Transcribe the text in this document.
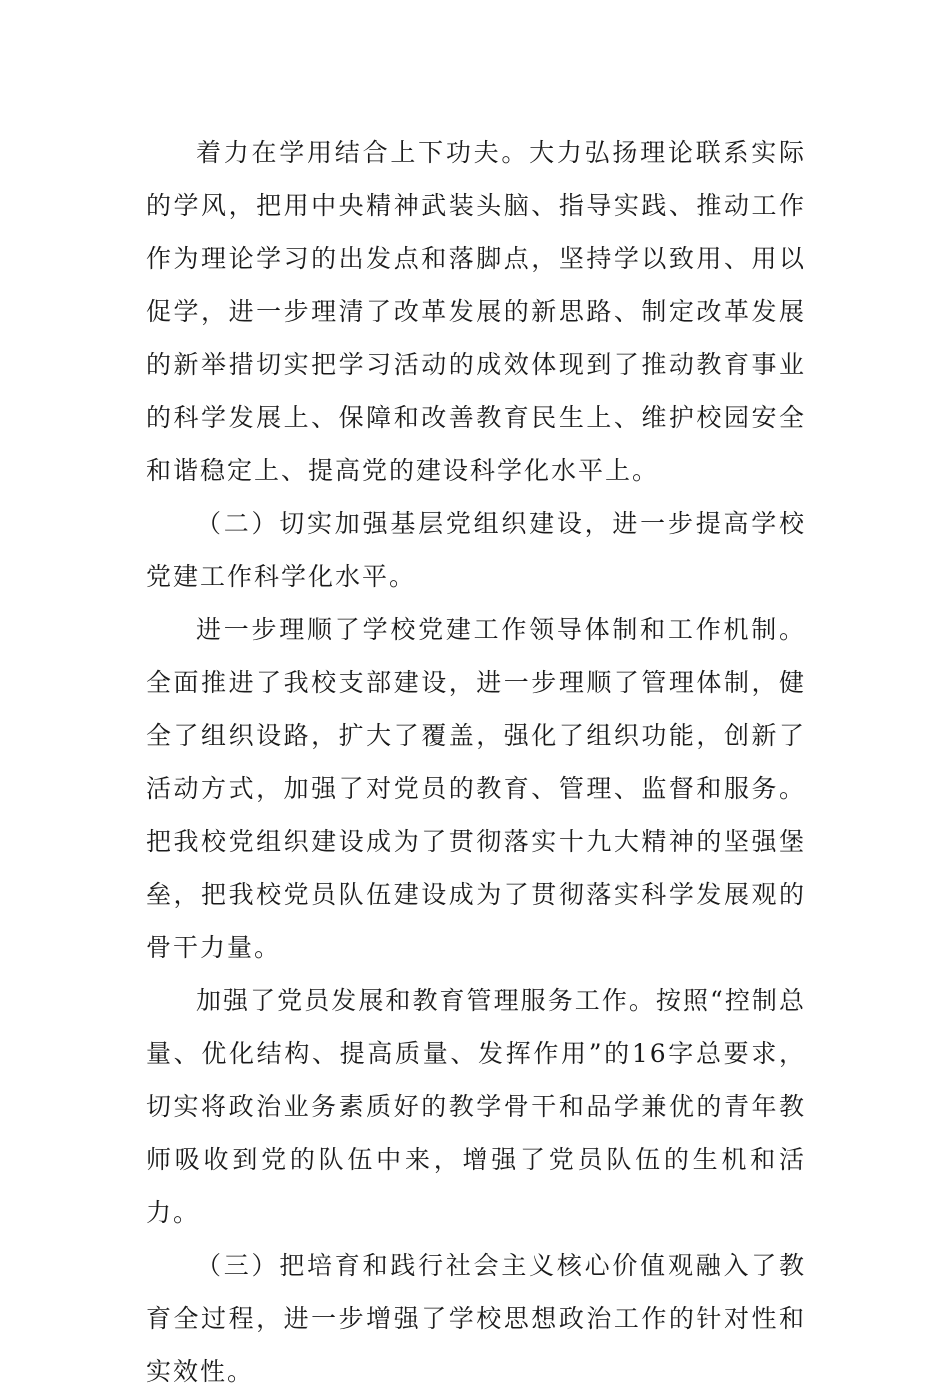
着力在学用结合上下功夫。大力弘扬理论联系实际的学风，把用中央精神武装头脑、指导实践、推动工作作为理论学习的出发点和落脚点，坚持学以致用、用以促学，进一步理清了改革发展的新思路、制定改革发展的新举措切实把学习活动的成效体现到了推动教育事业的科学发展上、保障和改善教育民生上、维护校园安全和谐稳定上、提高党的建设科学化水平上。

（二）切实加强基层党组织建设，进一步提高学校党建工作科学化水平。

进一步理顺了学校党建工作领导体制和工作机制。全面推进了我校支部建设，进一步理顺了管理体制，健全了组织设路，扩大了覆盖，强化了组织功能，创新了活动方式，加强了对党员的教育、管理、监督和服务。把我校党组织建设成为了贯彻落实十九大精神的坚强堡垒，把我校党员队伍建设成为了贯彻落实科学发展观的骨干力量。

加强了党员发展和教育管理服务工作。按照“控制总量、优化结构、提高质量、发挥作用”的16字总要求，切实将政治业务素质好的教学骨干和品学兼优的青年教师吸收到党的队伍中来，增强了党员队伍的生机和活力。

（三）把培育和践行社会主义核心价值观融入了教育全过程，进一步增强了学校思想政治工作的针对性和实效性。
